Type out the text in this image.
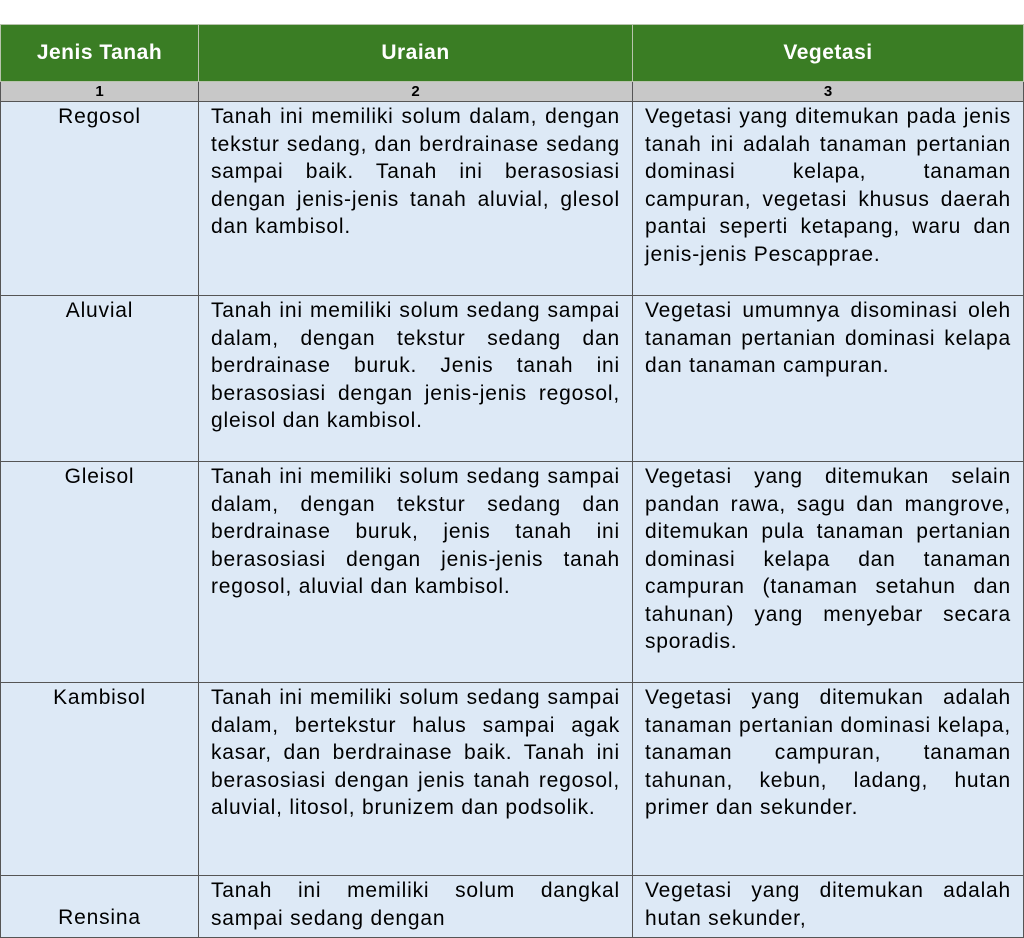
Jenis Tanah	Uraian	Vegetasi
1	2	3
Regosol	Tanah ini memiliki solum dalam, dengan tekstur sedang, dan berdrainase sedang sampai baik. Tanah ini berasosiasi dengan jenis-jenis tanah aluvial, glesol dan kambisol.	Vegetasi yang ditemukan pada jenis tanah ini adalah tanaman pertanian dominasi kelapa, tanaman campuran, vegetasi khusus daerah pantai seperti ketapang, waru dan jenis-jenis Pescapprae.
Aluvial	Tanah ini memiliki solum sedang sampai dalam, dengan tekstur sedang dan berdrainase buruk. Jenis tanah ini berasosiasi dengan jenis-jenis regosol, gleisol dan kambisol.	Vegetasi umumnya disominasi oleh tanaman pertanian dominasi kelapa dan tanaman campuran.
Gleisol	Tanah ini memiliki solum sedang sampai dalam, dengan tekstur sedang dan berdrainase buruk, jenis tanah ini berasosiasi dengan jenis-jenis tanah regosol, aluvial dan kambisol.	Vegetasi yang ditemukan selain pandan rawa, sagu dan mangrove, ditemukan pula tanaman pertanian dominasi kelapa dan tanaman campuran (tanaman setahun dan tahunan) yang menyebar secara sporadis.
Kambisol	Tanah ini memiliki solum sedang sampai dalam, bertekstur halus sampai agak kasar, dan berdrainase baik. Tanah ini berasosiasi dengan jenis tanah regosol, aluvial, litosol, brunizem dan podsolik.	Vegetasi yang ditemukan adalah tanaman pertanian dominasi kelapa, tanaman campuran, tanaman tahunan, kebun, ladang, hutan primer dan sekunder.
Rensina	Tanah ini memiliki solum dangkal sampai sedang dengan	Vegetasi yang ditemukan adalah hutan sekunder,
